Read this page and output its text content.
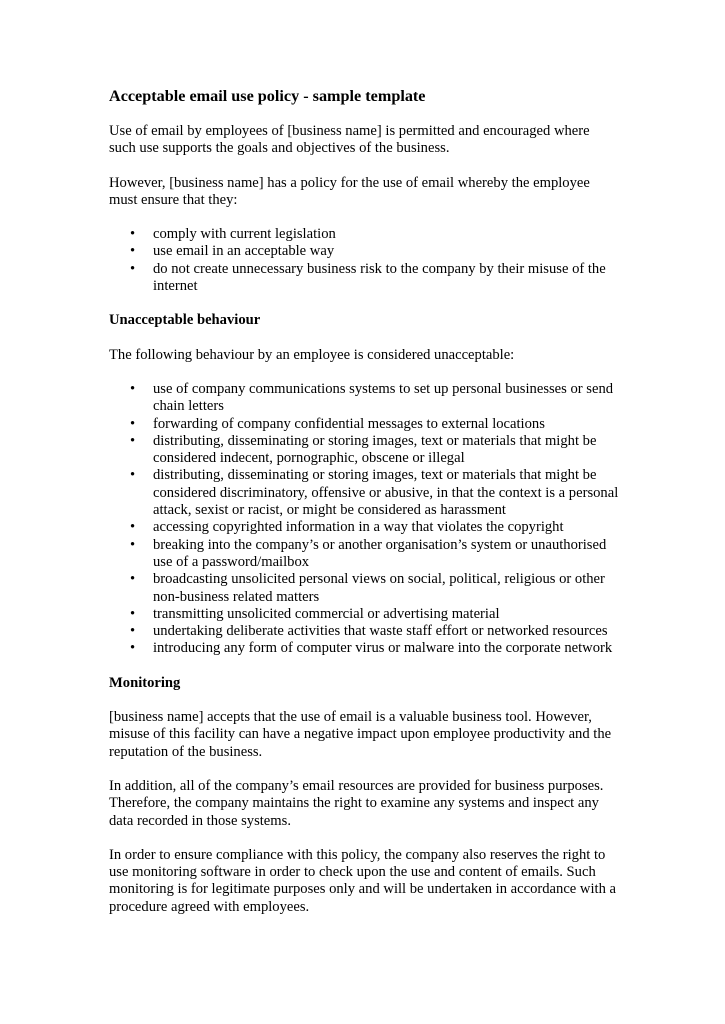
Acceptable email use policy - sample template

Use of email by employees of [business name] is permitted and encouraged where such use supports the goals and objectives of the business.

However, [business name] has a policy for the use of email whereby the employee must ensure that they:

• comply with current legislation
• use email in an acceptable way
• do not create unnecessary business risk to the company by their misuse of the internet
Unacceptable behaviour

The following behaviour by an employee is considered unacceptable:

• use of company communications systems to set up personal businesses or send chain letters
• forwarding of company confidential messages to external locations
• distributing, disseminating or storing images, text or materials that might be considered indecent, pornographic, obscene or illegal
• distributing, disseminating or storing images, text or materials that might be considered discriminatory, offensive or abusive, in that the context is a personal attack, sexist or racist, or might be considered as harassment
• accessing copyrighted information in a way that violates the copyright
• breaking into the company’s or another organisation’s system or unauthorised use of a password/mailbox
• broadcasting unsolicited personal views on social, political, religious or other non-business related matters
• transmitting unsolicited commercial or advertising material
• undertaking deliberate activities that waste staff effort or networked resources
• introducing any form of computer virus or malware into the corporate network
Monitoring

[business name] accepts that the use of email is a valuable business tool. However, misuse of this facility can have a negative impact upon employee productivity and the reputation of the business.

In addition, all of the company’s email resources are provided for business purposes. Therefore, the company maintains the right to examine any systems and inspect any data recorded in those systems.

In order to ensure compliance with this policy, the company also reserves the right to use monitoring software in order to check upon the use and content of emails. Such monitoring is for legitimate purposes only and will be undertaken in accordance with a procedure agreed with employees.
